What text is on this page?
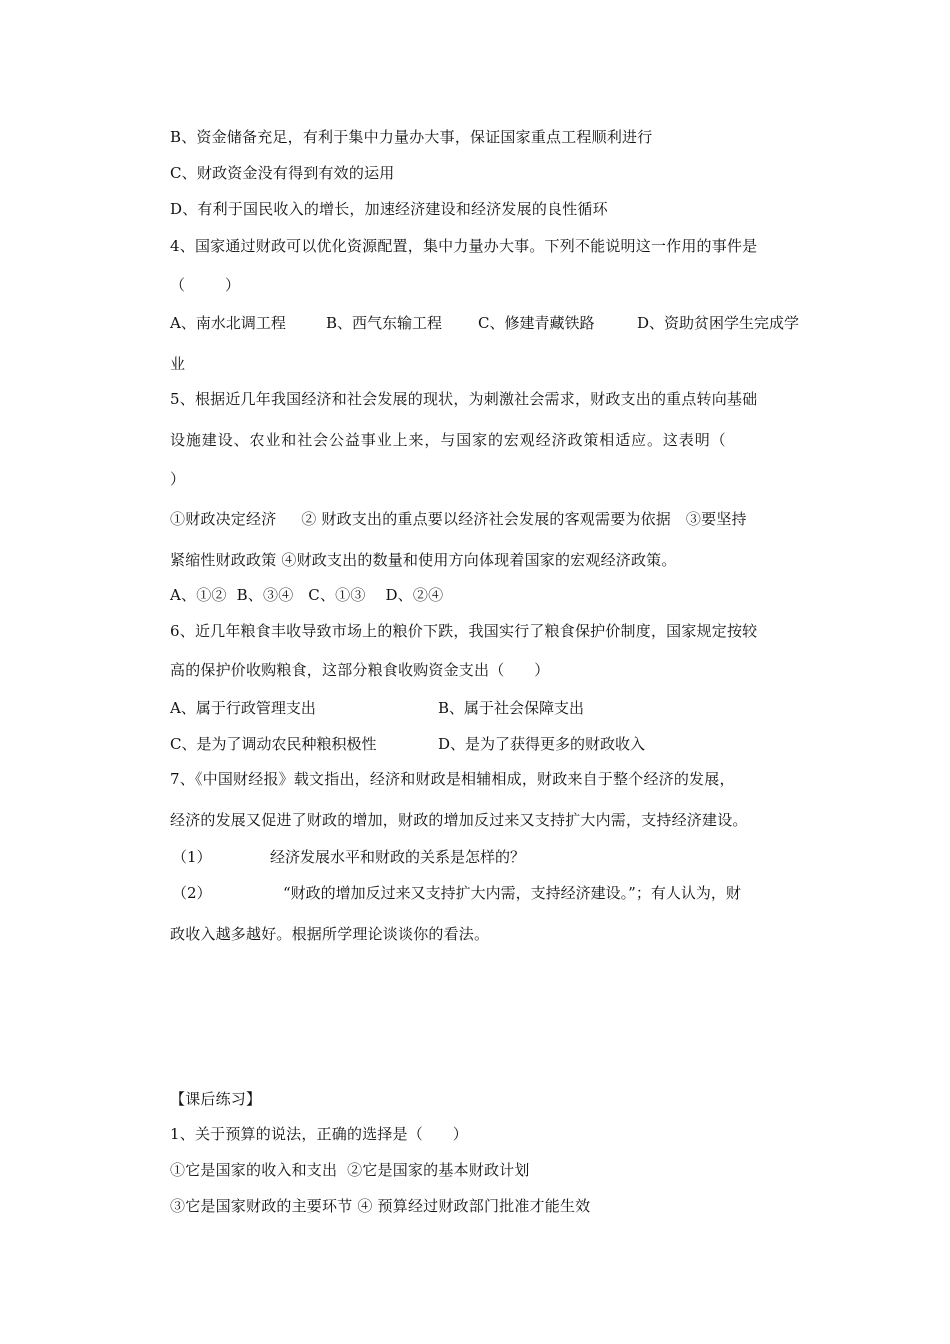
B、资金储备充足，有利于集中力量办大事，保证国家重点工程顺利进行
C、财政资金没有得到有效的运用
D、有利于国民收入的增长，加速经济建设和经济发展的良性循环
4、国家通过财政可以优化资源配置，集中力量办大事。下列不能说明这一作用的事件是
（        ）
A、南水北调工程	B、西气东输工程 C、修建青藏铁路	D、资助贫困学生完成学
业
5、根据近几年我国经济和社会发展的现状，为刺激社会需求，财政支出的重点转向基础
设施建设、农业和社会公益事业上来，与国家的宏观经济政策相适应。这表明（
）
①财政决定经济     ② 财政支出的重点要以经济社会发展的客观需要为依据   ③要坚持
紧缩性财政政策 ④财政支出的数量和使用方向体现着国家的宏观经济政策。
A、①②  B、③④   C、①③    D、②④
6、近几年粮食丰收导致市场上的粮价下跌，我国实行了粮食保护价制度，国家规定按较
高的保护价收购粮食，这部分粮食收购资金支出（      ）
A、属于行政管理支出	B、属于社会保障支出
C、是为了调动农民种粮积极性	D、是为了获得更多的财政收入
7、《中国财经报》载文指出，经济和财政是相辅相成，财政来自于整个经济的发展，
经济的发展又促进了财政的增加，财政的增加反过来又支持扩大内需，支持经济建设。
（1）	经济发展水平和财政的关系是怎样的？
（2）	“财政的增加反过来又支持扩大内需，支持经济建设。”；有人认为，财
政收入越多越好。根据所学理论谈谈你的看法。
【课后练习】
1、关于预算的说法，正确的选择是（      ）
①它是国家的收入和支出  ②它是国家的基本财政计划
③它是国家财政的主要环节 ④ 预算经过财政部门批准才能生效
